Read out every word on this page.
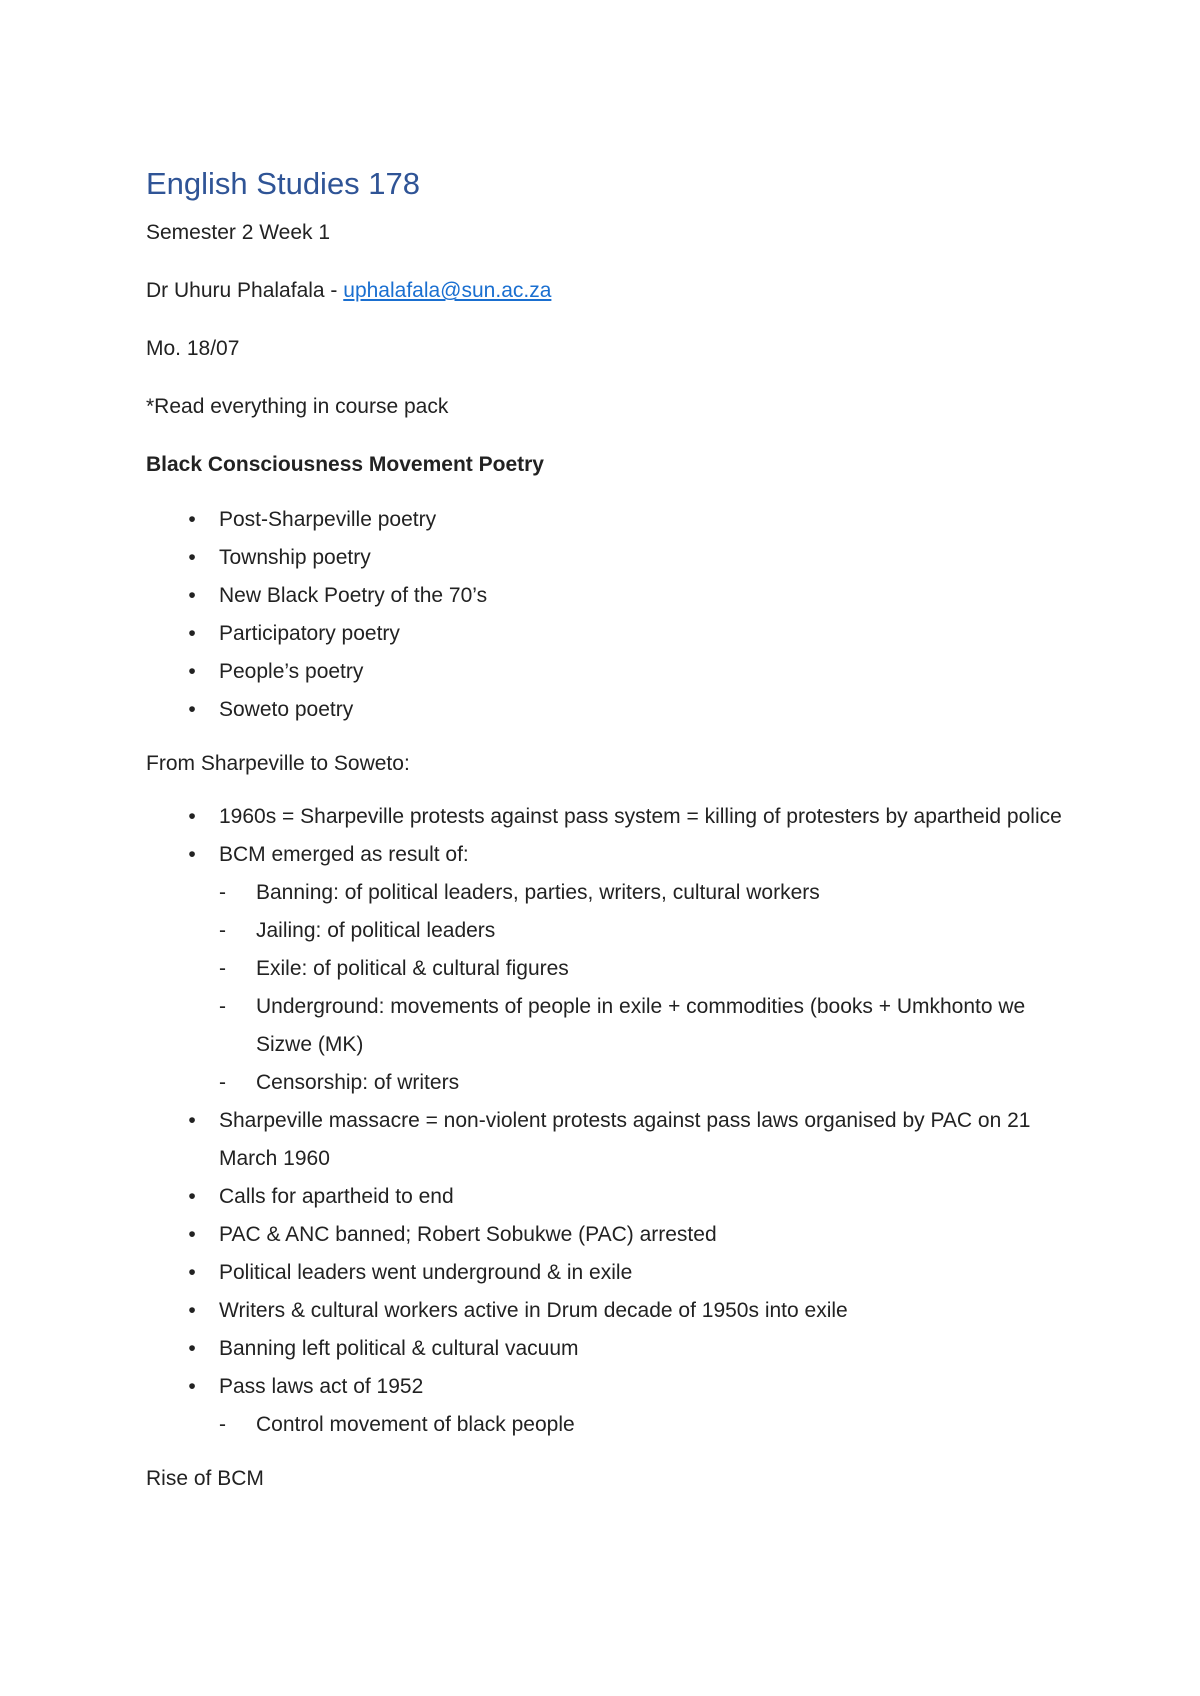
English Studies 178

Semester 2 Week 1

Dr Uhuru Phalafala - uphalafala@sun.ac.za

Mo. 18/07

*Read everything in course pack

Black Consciousness Movement Poetry

•	Post-Sharpeville poetry
•	Township poetry
•	New Black Poetry of the 70’s
•	Participatory poetry
•	People’s poetry
•	Soweto poetry

From Sharpeville to Soweto:

•	1960s = Sharpeville protests against pass system = killing of protesters by apartheid police
•	BCM emerged as result of:
- Banning: of political leaders, parties, writers, cultural workers
- Jailing: of political leaders
- Exile: of political & cultural figures
- Underground: movements of people in exile + commodities (books + Umkhonto we Sizwe (MK)
- Censorship: of writers
•	Sharpeville massacre = non-violent protests against pass laws organised by PAC on 21 March 1960
•	Calls for apartheid to end
•	PAC & ANC banned; Robert Sobukwe (PAC) arrested
•	Political leaders went underground & in exile
•	Writers & cultural workers active in Drum decade of 1950s into exile
•	Banning left political & cultural vacuum
•	Pass laws act of 1952
- Control movement of black people

Rise of BCM
